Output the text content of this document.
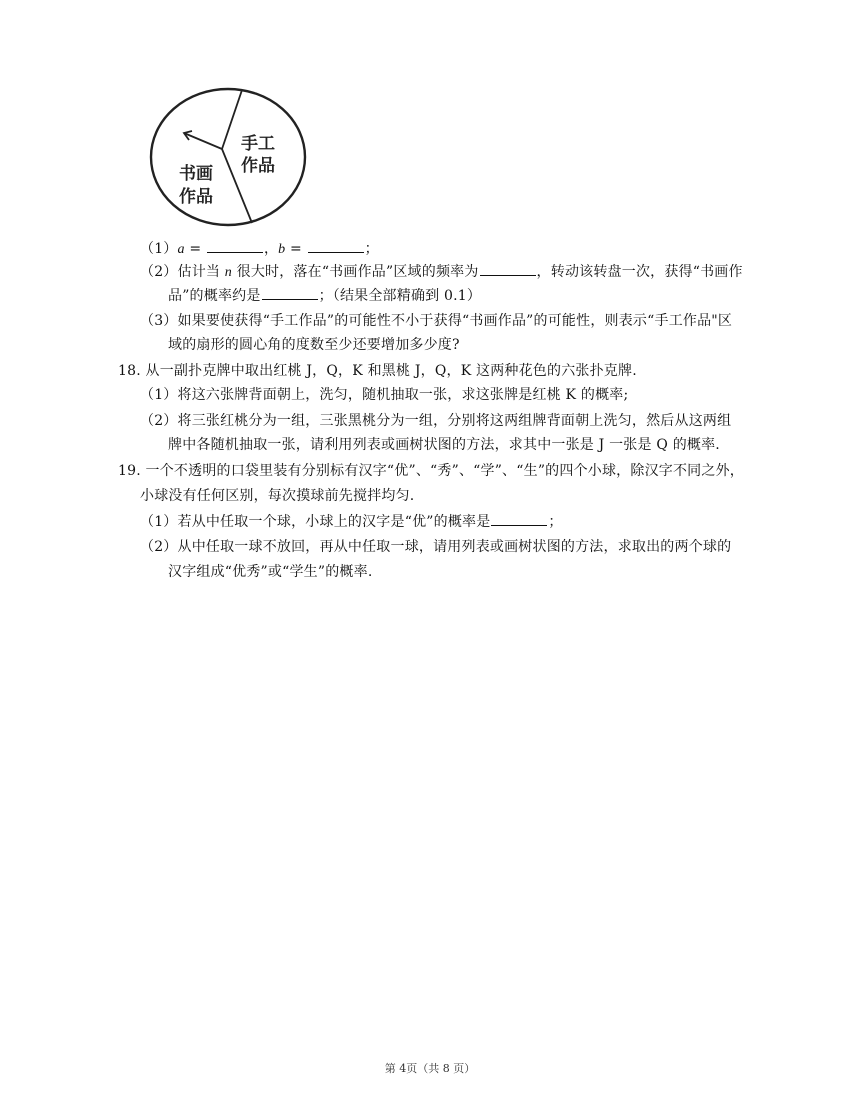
手工
作品
书画
作品
（1）a =	，b =	；
（2）估计当 n 很大时，落在“书画作品”区域的频率为	，转动该转盘一次，获得“书画作
品”的概率约是	；（结果全部精确到 0.1）
（3）如果要使获得“手工作品”的可能性不小于获得“书画作品”的可能性，则表示“手工作品"区
域的扇形的圆心角的度数至少还要增加多少度?
18. 从一副扑克牌中取出红桃 J，Q，K 和黑桃 J，Q，K 这两种花色的六张扑克牌.
（1）将这六张牌背面朝上，洗匀，随机抽取一张，求这张牌是红桃 K 的概率;
（2）将三张红桃分为一组，三张黑桃分为一组，分别将这两组牌背面朝上洗匀，然后从这两组
牌中各随机抽取一张，请利用列表或画树状图的方法，求其中一张是 J 一张是 Q 的概率.
19. 一个不透明的口袋里装有分别标有汉字“优”、“秀”、“学”、“生”的四个小球，除汉字不同之外，
小球没有任何区别，每次摸球前先搅拌均匀.
（1）若从中任取一个球，小球上的汉字是“优”的概率是	；
（2）从中任取一球不放回，再从中任取一球，请用列表或画树状图的方法，求取出的两个球的
汉字组成“优秀”或“学生”的概率.
第 4页（共 8 页）
